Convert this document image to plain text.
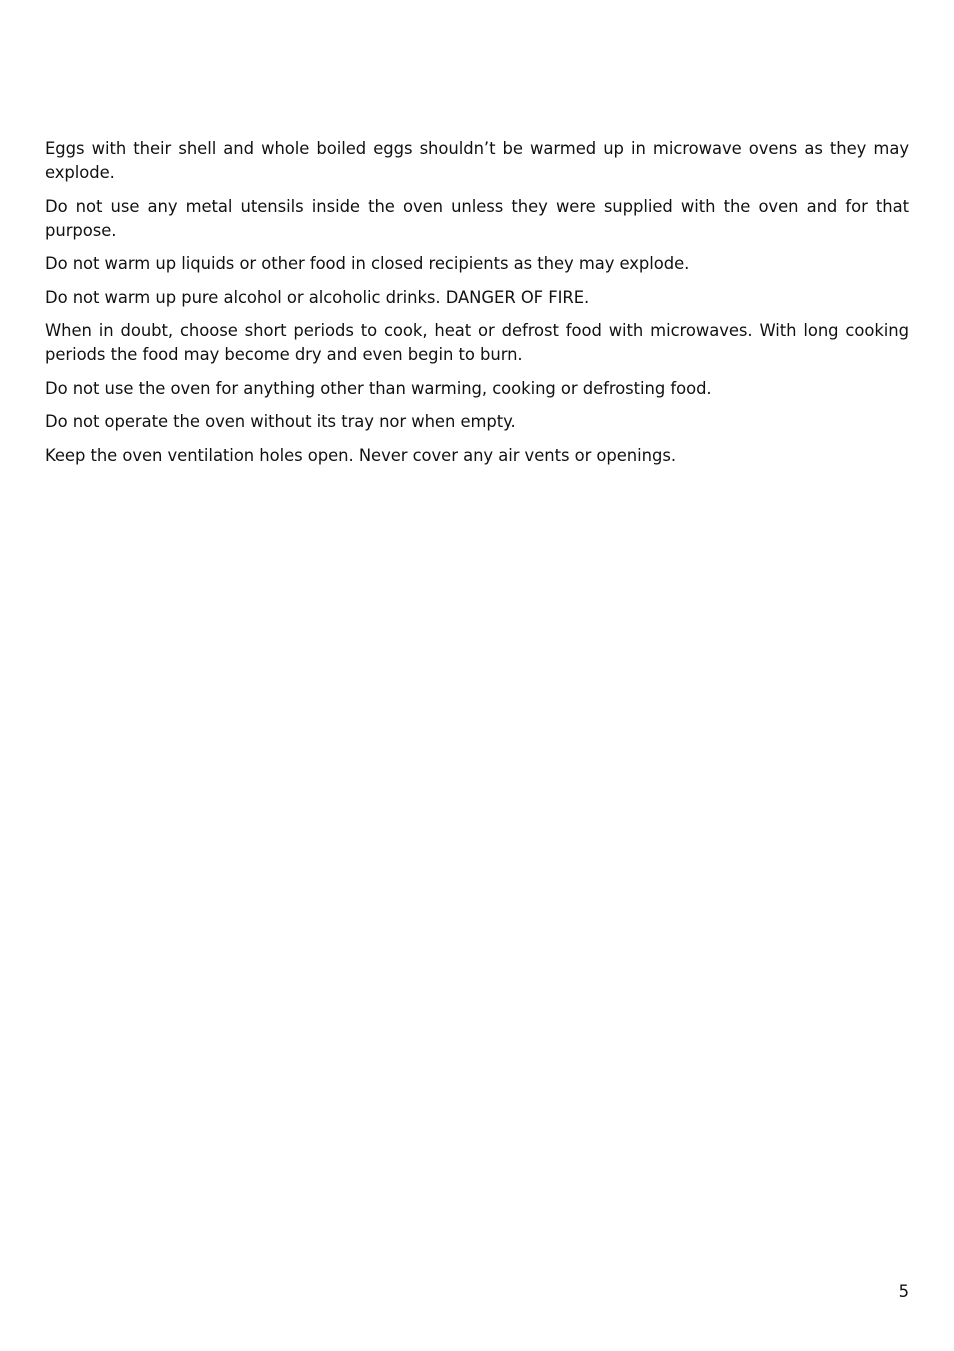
Eggs with their shell and whole boiled eggs shouldn’t be warmed up in microwave ovens as they may explode.

Do not use any metal utensils inside the oven unless they were supplied with the oven and for that purpose.

Do not warm up liquids or other food in closed recipients as they may explode.

Do not warm up pure alcohol or alcoholic drinks. DANGER OF FIRE.

When in doubt, choose short periods to cook, heat or defrost food with microwaves. With long cooking periods the food may become dry and even begin to burn.

Do not use the oven for anything other than warming, cooking or defrosting food.

Do not operate the oven without its tray nor when empty.

Keep the oven ventilation holes open. Never cover any air vents or openings.

5
